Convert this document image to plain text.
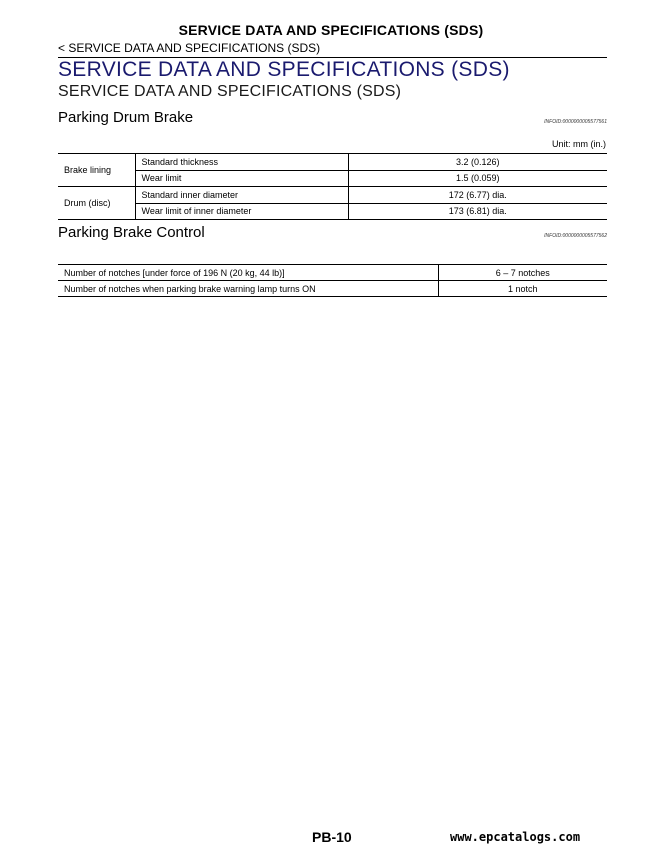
SERVICE DATA AND SPECIFICATIONS (SDS)
< SERVICE DATA AND SPECIFICATIONS (SDS)
SERVICE DATA AND SPECIFICATIONS (SDS)
SERVICE DATA AND SPECIFICATIONS (SDS)
Parking Drum Brake	INFOID:0000000005577561
Unit: mm (in.)
Brake lining	Standard thickness	3.2 (0.126)
	Wear limit	1.5 (0.059)
Drum (disc)	Standard inner diameter	172 (6.77) dia.
	Wear limit of inner diameter	173 (6.81) dia.
Parking Brake Control	INFOID:0000000005577562
Number of notches [under force of 196 N (20 kg, 44 lb)]	6 – 7 notches
Number of notches when parking brake warning lamp turns ON	1 notch
PB-10	www.epcatalogs.com
